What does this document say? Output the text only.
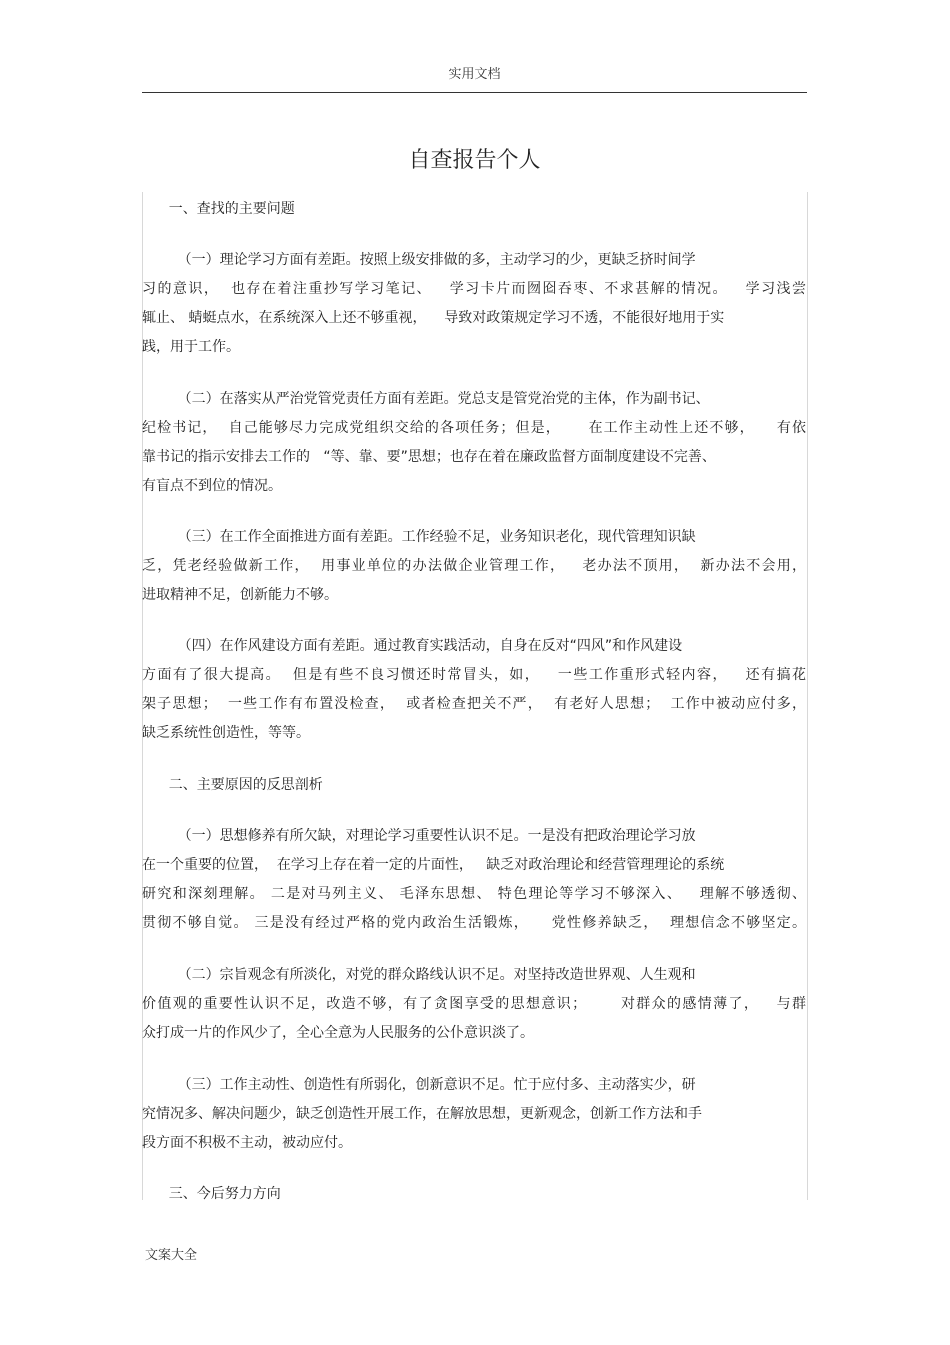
实用文档
自查报告个人
一、查找的主要问题
（一）理论学习方面有差距。按照上级安排做的多，主动学习的少，更缺乏挤时间学
习的意识，  也存在着注重抄写学习笔记、   学习卡片而囫囵吞枣、不求甚解的情况。   学习浅尝
辄止、 蜻蜓点水，在系统深入上还不够重视，    导致对政策规定学习不透，不能很好地用于实
践，用于工作。
（二）在落实从严治党管党责任方面有差距。党总支是管党治党的主体，作为副书记、
纪检书记，  自己能够尽力完成党组织交给的各项任务；但是，     在工作主动性上还不够，    有依
靠书记的指示安排去工作的   “等、靠、要”思想；也存在着在廉政监督方面制度建设不完善、
有盲点不到位的情况。
（三）在工作全面推进方面有差距。工作经验不足，业务知识老化，现代管理知识缺
乏，凭老经验做新工作，  用事业单位的办法做企业管理工作，   老办法不顶用，  新办法不会用，
进取精神不足，创新能力不够。
（四）在作风建设方面有差距。通过教育实践活动，自身在反对“四风”和作风建设
方面有了很大提高。  但是有些不良习惯还时常冒头，如，   一些工作重形式轻内容，   还有搞花
架子思想；  一些工作有布置没检查，  或者检查把关不严，  有老好人思想；  工作中被动应付多，
缺乏系统性创造性，等等。
二、主要原因的反思剖析
（一）思想修养有所欠缺，对理论学习重要性认识不足。一是没有把政治理论学习放
在一个重要的位置，  在学习上存在着一定的片面性，   缺乏对政治理论和经营管理理论的系统
研究和深刻理解。 二是对马列主义、 毛泽东思想、 特色理论等学习不够深入、   理解不够透彻、
贯彻不够自觉。 三是没有经过严格的党内政治生活锻炼，    党性修养缺乏，  理想信念不够坚定。
（二）宗旨观念有所淡化，对党的群众路线认识不足。对坚持改造世界观、人生观和
价值观的重要性认识不足，改造不够，有了贪图享受的思想意识；      对群众的感情薄了，   与群
众打成一片的作风少了，全心全意为人民服务的公仆意识淡了。
（三）工作主动性、创造性有所弱化，创新意识不足。忙于应付多、主动落实少，研
究情况多、解决问题少，缺乏创造性开展工作，在解放思想，更新观念，创新工作方法和手
段方面不积极不主动，被动应付。
三、今后努力方向
文案大全
